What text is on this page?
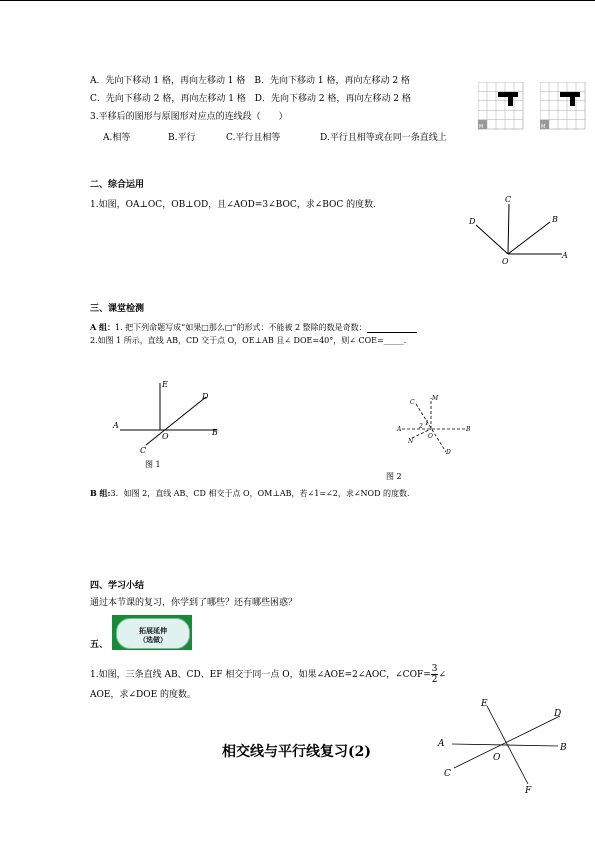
A．先向下移动 1 格，再向左移动 1 格　B．先向下移动 1 格，再向左移动 2 格
C．先向下移动 2 格，再向左移动 1 格　D．先向下移动 2 格，再向左移动 2 格
3.平移后的图形与原图形对应点的连线段（　　）
A.相等	B.平行	C.平行且相等	D.平行且相等或在同一条直线上
M	M
二、综合运用
1.如图，OA⊥OC，OB⊥OD，且∠AOD=3∠BOC，求∠BOC 的度数.
C
D	B
O
A
三、课堂检测
A 组：1. 把下列命题写成“如果□那么□”的形式：不能被 2 整除的数是奇数：
2.如图 1 所示，直线 AB，CD 交于点 O，OE⊥AB 且∠ DOE=40°，则∠ COE=_____.
E
D
A
O	B
C
图 1
C
M
A	2 1
O
B
N
D
图 2
B 组:3．如图 2，直线 AB、CD 相交于点 O，OM⊥AB，若∠1=∠2，求∠NOD 的度数.
四、学习小结
通过本节课的复习，你学到了哪些？还有哪些困惑？
五、
拓展延伸
（选做）
1.如图，三条直线 AB、CD、EF 相交于同一点 O，如果∠AOE=2∠AOC，∠COF= $\frac{3}{2}$ ∠
AOE，求∠DOE 的度数。
E
D
A	B
O
C
F
相交线与平行线复习(2)
